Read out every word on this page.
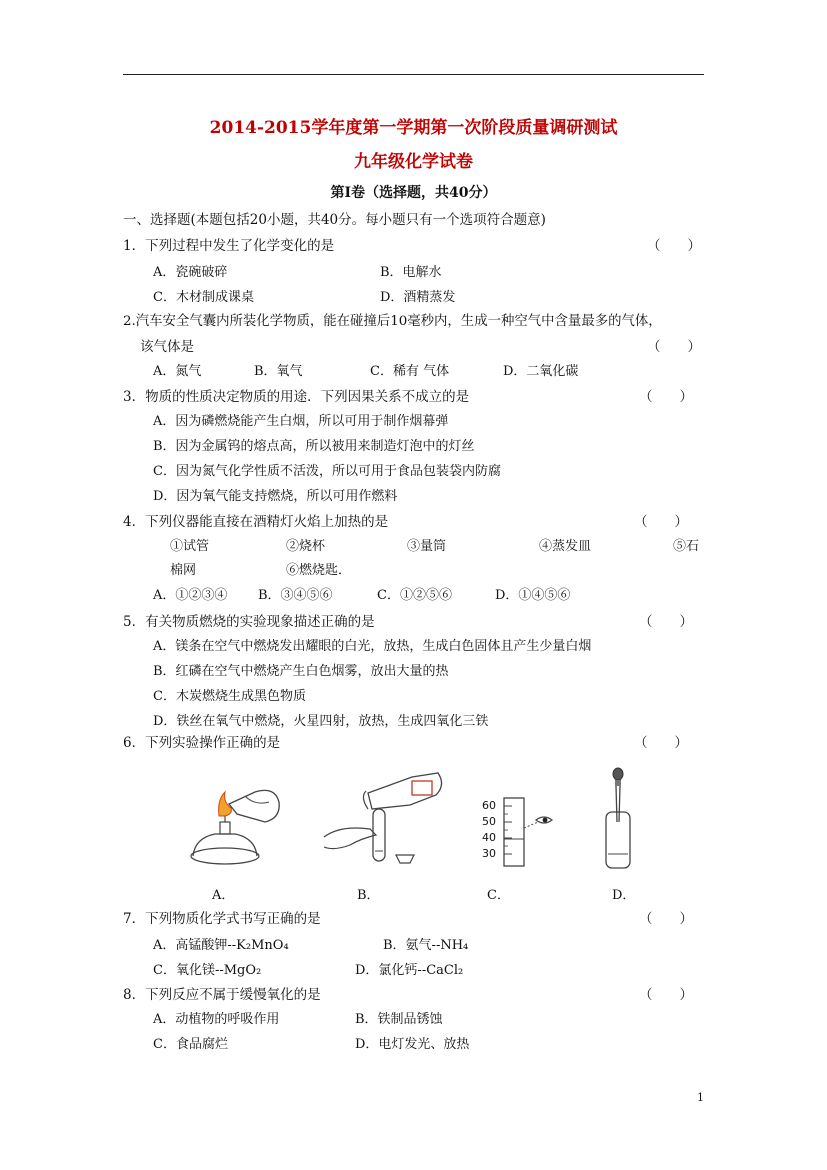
2014-2015学年度第一学期第一次阶段质量调研测试
九年级化学试卷
第Ⅰ卷（选择题，共40分）
一、选择题(本题包括20小题，共40分。每小题只有一个选项符合题意)
1．下列过程中发生了化学变化的是	（　　）
A．瓷碗破碎	B．电解水
C．木材制成课桌	D．酒精蒸发
2.汽车安全气囊内所装化学物质，能在碰撞后10毫秒内，生成一种空气中含量最多的气体，
该气体是	（　　）
A．氮气	B．氧气	C．稀有 气体	D．二氧化碳
3．物质的性质决定物质的用途．下列因果关系不成立的是	（　　）
A．因为磷燃烧能产生白烟，所以可用于制作烟幕弹
B．因为金属钨的熔点高，所以被用来制造灯泡中的灯丝
C．因为氮气化学性质不活泼，所以可用于食品包装袋内防腐
D．因为氧气能支持燃烧，所以可用作燃料
4．下列仪器能直接在酒精灯火焰上加热的是	（　　）
①试管	②烧杯	③量筒	④蒸发皿	⑤石
棉网	⑥燃烧匙．
A．①②③④ B．③④⑤⑥	C．①②⑤⑥	D．①④⑤⑥
5．有关物质燃烧的实验现象描述正确的是	（　　）
A．镁条在空气中燃烧发出耀眼的白光，放热，生成白色固体且产生少量白烟
B．红磷在空气中燃烧产生白色烟雾，放出大量的热
C．木炭燃烧生成黑色物质
D．铁丝在氧气中燃烧，火星四射，放热，生成四氧化三铁
6．下列实验操作正确的是	（　　）
A．	B．
60
50
40
30
C．	D．
7．下列物质化学式书写正确的是	（　　）
A．高锰酸钾--K₂MnO₄	B．氨气--NH₄
C．氧化镁--MgO₂	D．氯化钙--CaCl₂
8．下列反应不属于缓慢氧化的是	（　　）
A．动植物的呼吸作用	B．铁制品锈蚀
C．食品腐烂	D．电灯发光、放热
1
